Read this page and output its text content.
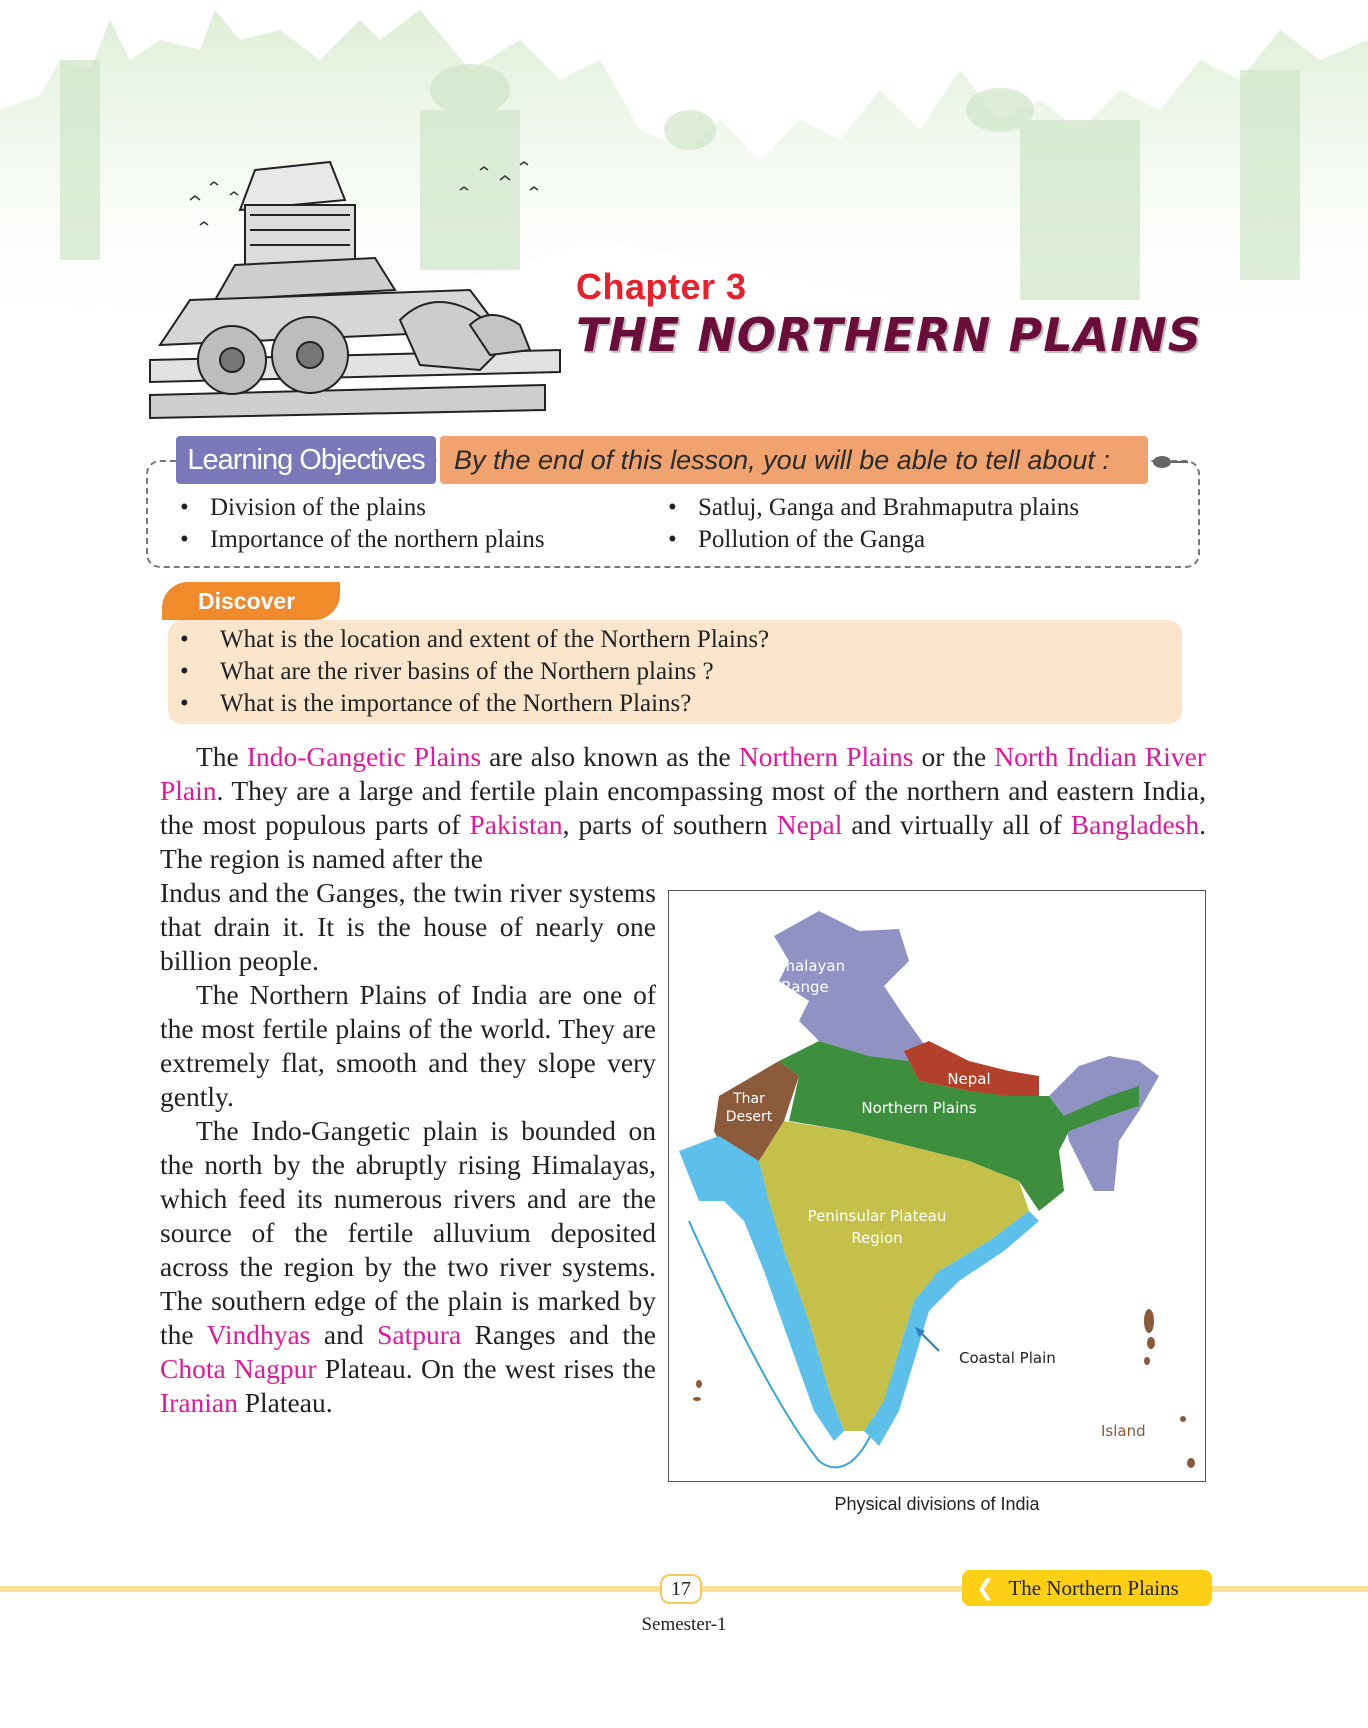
Chapter 3
THE NORTHERN PLAINS
Learning Objectives	By the end of this lesson, you will be able to tell about :
• Division of the plains
• Importance of the northern plains
• Satluj, Ganga and Brahmaputra plains
• Pollution of the Ganga
Discover
• What is the location and extent of the Northern Plains?
• What are the river basins of the Northern plains ?
• What is the importance of the Northern Plains?

The Indo-Gangetic Plains are also known as the Northern Plains or the North Indian River Plain. They are a large and fertile plain encompassing most of the northern and eastern India, the most populous parts of Pakistan, parts of southern Nepal and virtually all of Bangladesh. The region is named after the

Indus and the Ganges, the twin river systems that drain it. It is the house of nearly one billion people.

The Northern Plains of India are one of the most fertile plains of the world. They are extremely flat, smooth and they slope very gently.

The Indo-Gangetic plain is bounded on the north by the abruptly rising Himalayas, which feed its numerous rivers and are the source of the fertile alluvium deposited across the region by the two river systems. The southern edge of the plain is marked by the Vindhyas and Satpura Ranges and the Chota Nagpur Plateau. On the west rises the Iranian Plateau.

Himalayan
Range
Thar
Desert
Nepal
Northern Plains
Peninsular Plateau
Region
Coastal Plain
Island
Physical divisions of India
17
Semester-1
❮ The Northern Plains
